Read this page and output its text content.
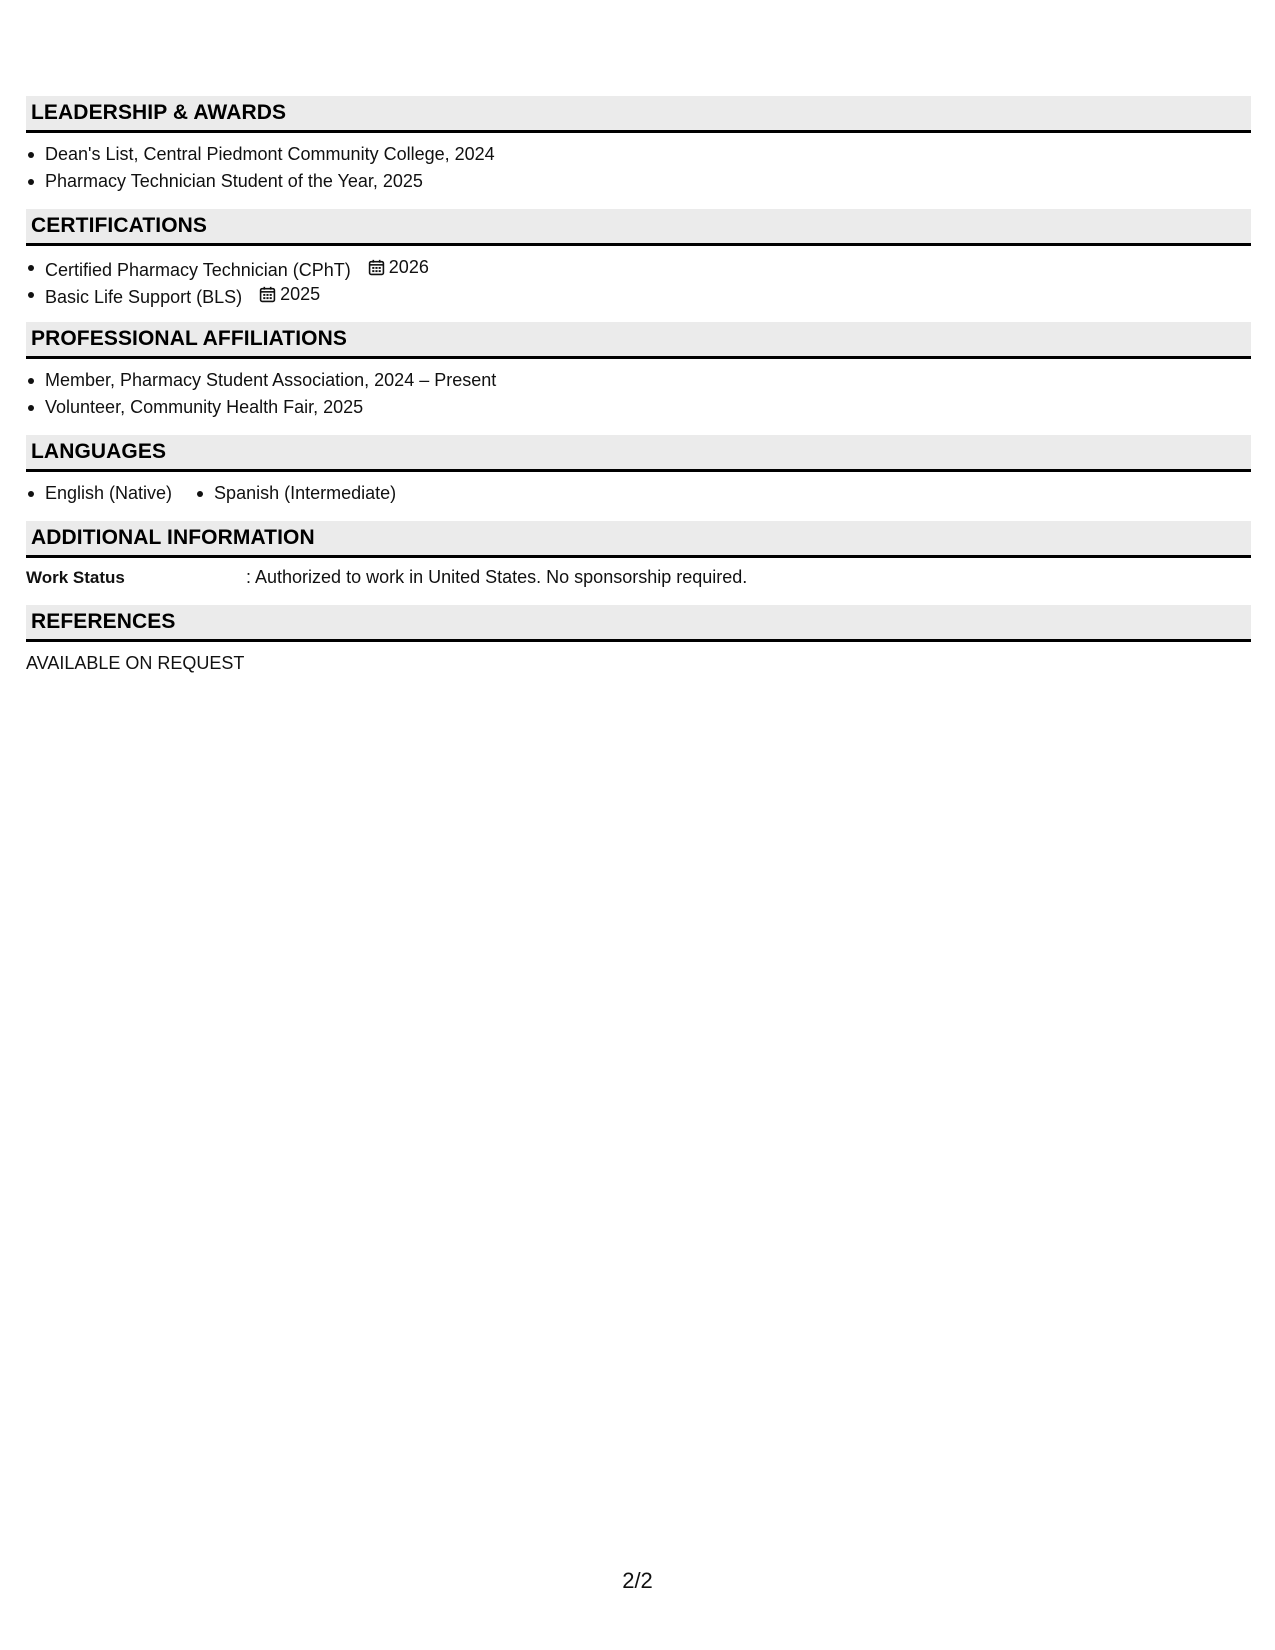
LEADERSHIP & AWARDS
Dean's List, Central Piedmont Community College, 2024
Pharmacy Technician Student of the Year, 2025
CERTIFICATIONS
Certified Pharmacy Technician (CPhT) 2026
Basic Life Support (BLS) 2025
PROFESSIONAL AFFILIATIONS
Member, Pharmacy Student Association, 2024 – Present
Volunteer, Community Health Fair, 2025
LANGUAGES
English (Native)	Spanish (Intermediate)
ADDITIONAL INFORMATION
Work Status	: Authorized to work in United States. No sponsorship required.
REFERENCES
AVAILABLE ON REQUEST
2/2
